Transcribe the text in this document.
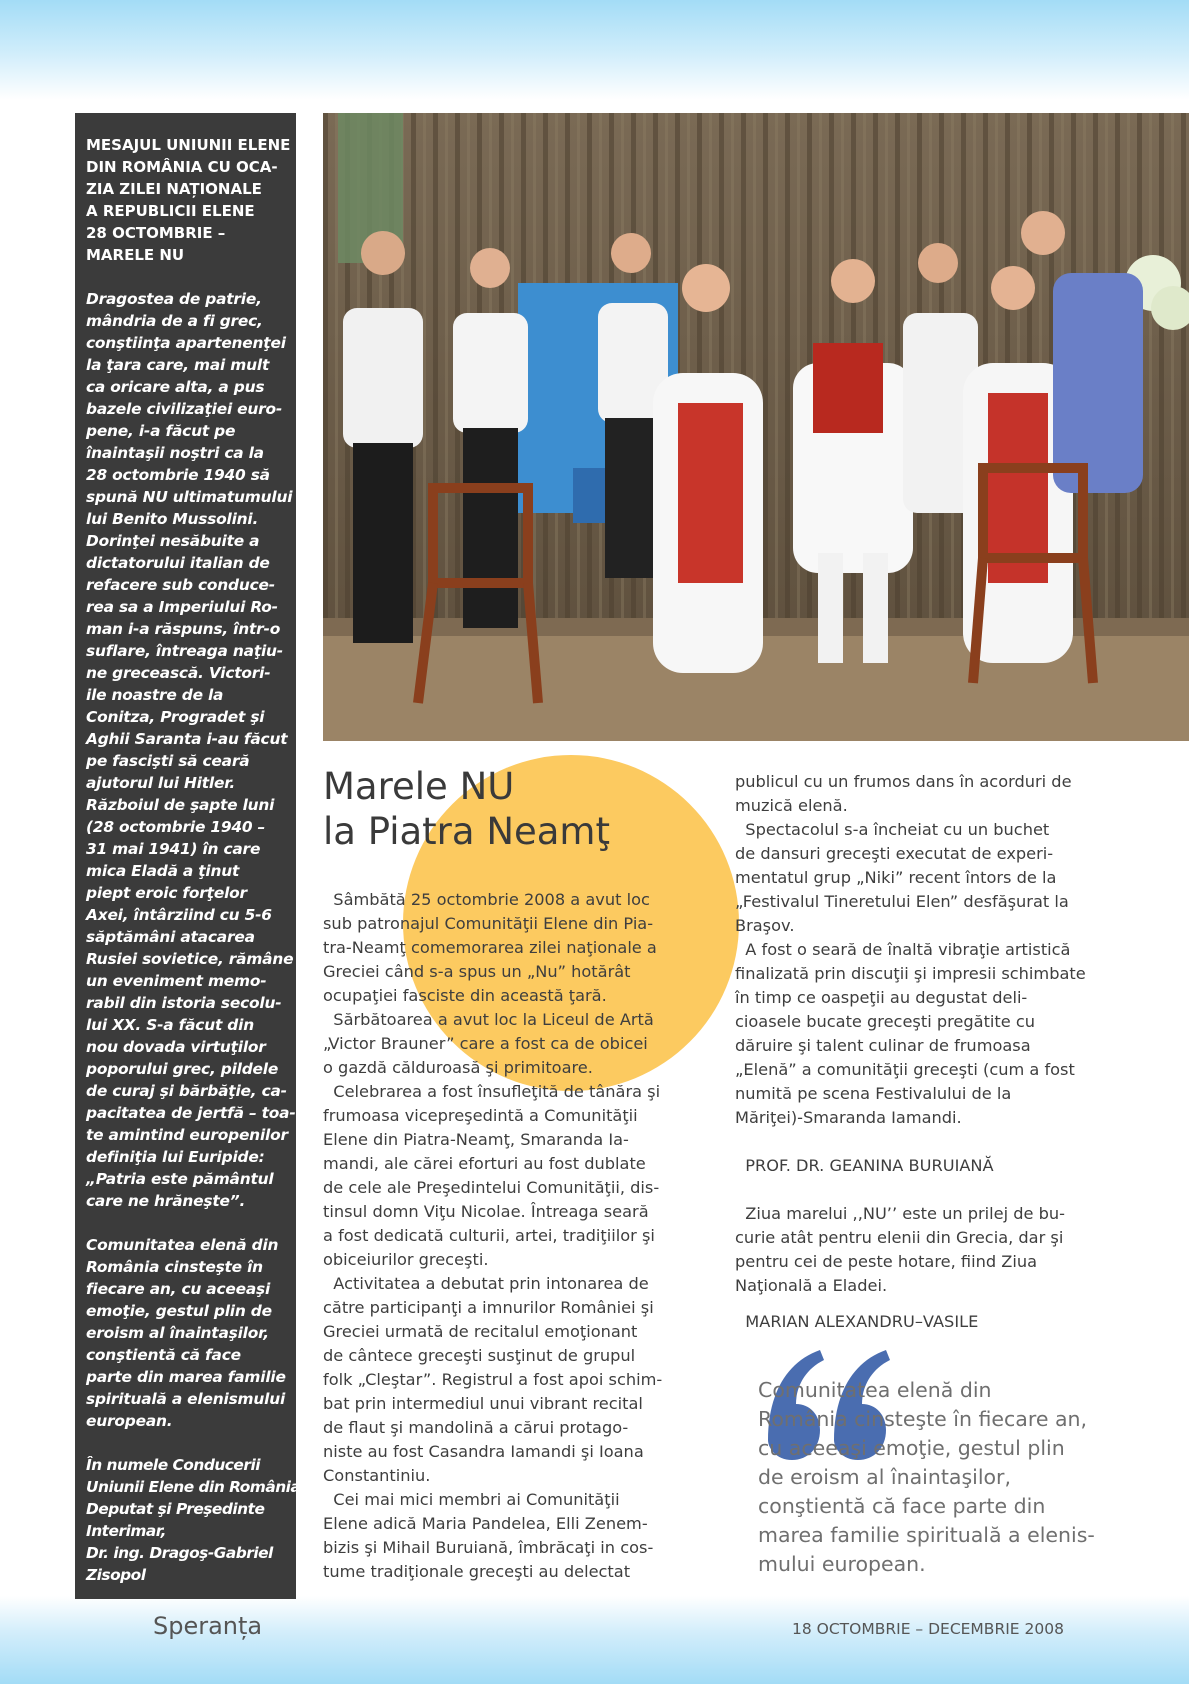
MESAJUL UNIUNII ELENE
DIN ROMÂNIA CU OCA-
ZIA ZILEI NAȚIONALE
A REPUBLICII ELENE
28 OCTOMBRIE –
MARELE NU
Dragostea de patrie,
mândria de a fi grec,
conştiinţa apartenenţei
la ţara care, mai mult
ca oricare alta, a pus
bazele civilizaţiei euro-
pene, i-a făcut pe
înaintaşii noştri ca la
28 octombrie 1940 să
spună NU ultimatumului
lui Benito Mussolini.
Dorinţei nesăbuite a
dictatorului italian de
refacere sub conduce-
rea sa a Imperiului Ro-
man i-a răspuns, într-o
suflare, întreaga naţiu-
ne grecească. Victori-
ile noastre de la
Conitza, Progradet şi
Aghii Saranta i-au făcut
pe fascişti să ceară
ajutorul lui Hitler.
Războiul de şapte luni
(28 octombrie 1940 –
31 mai 1941) în care
mica Eladă a ţinut
piept eroic forţelor
Axei, întârziind cu 5-6
săptămâni atacarea
Rusiei sovietice, rămâne
un eveniment memo-
rabil din istoria secolu-
lui XX. S-a făcut din
nou dovada virtuţilor
poporului grec, pildele
de curaj şi bărbăţie, ca-
pacitatea de jertfă – toa-
te amintind europenilor
definiţia lui Euripide:
„Patria este pământul
care ne hrăneşte”.
Comunitatea elenă din
România cinsteşte în
fiecare an, cu aceeaşi
emoţie, gestul plin de
eroism al înaintaşilor,
conştientă că face
parte din marea familie
spirituală a elenismului
european.
În numele Conducerii
Uniunii Elene din România,
Deputat şi Preşedinte
Interimar,
Dr. ing. Dragoş-Gabriel
Zisopol
Marele NU
la Piatra Neamţ
Sâmbătă 25 octombrie 2008 a avut loc
sub patronajul Comunităţii Elene din Pia-
tra-Neamţ comemorarea zilei naţionale a
Greciei când s-a spus un „Nu” hotărât
ocupaţiei fasciste din această ţară.
Sărbătoarea a avut loc la Liceul de Artă
„Victor Brauner” care a fost ca de obicei
o gazdă călduroasă şi primitoare.
Celebrarea a fost însufleţită de tânăra şi
frumoasa vicepreşedintă a Comunităţii
Elene din Piatra-Neamţ, Smaranda Ia-
mandi, ale cărei eforturi au fost dublate
de cele ale Preşedintelui Comunităţii, dis-
tinsul domn Viţu Nicolae. Întreaga seară
a fost dedicată culturii, artei, tradiţiilor şi
obiceiurilor greceşti.
Activitatea a debutat prin intonarea de
către participanţi a imnurilor României şi
Greciei urmată de recitalul emoţionant
de cântece greceşti susţinut de grupul
folk „Cleştar”. Registrul a fost apoi schim-
bat prin intermediul unui vibrant recital
de flaut şi mandolină a cărui protago-
niste au fost Casandra Iamandi şi Ioana
Constantiniu.
Cei mai mici membri ai Comunităţii
Elene adică Maria Pandelea, Elli Zenem-
bizis şi Mihail Buruiană, îmbrăcaţi in cos-
tume tradiţionale greceşti au delectat
publicul cu un frumos dans în acorduri de
muzică elenă.
Spectacolul s-a încheiat cu un buchet
de dansuri greceşti executat de experi-
mentatul grup „Niki” recent întors de la
„Festivalul Tineretului Elen” desfăşurat la
Braşov.
A fost o seară de înaltă vibraţie artistică
finalizată prin discuţii şi impresii schimbate
în timp ce oaspeţii au degustat deli-
cioasele bucate greceşti pregătite cu
dăruire şi talent culinar de frumoasa
„Elenă” a comunităţii greceşti (cum a fost
numită pe scena Festivalului de la
Măriţei)-Smaranda Iamandi.
PROF. DR. GEANINA BURUIANĂ
Ziua marelui ,,NU’’ este un prilej de bu-
curie atât pentru elenii din Grecia, dar şi
pentru cei de peste hotare, fiind Ziua
Naţională a Eladei.
MARIAN ALEXANDRU–VASILE
Comunitatea elenă din
România cinsteşte în fiecare an,
cu aceeaşi emoţie, gestul plin
de eroism al înaintaşilor,
conştientă că face parte din
marea familie spirituală a elenis-
mului european.
Speranța	18 OCTOMBRIE – DECEMBRIE 2008
